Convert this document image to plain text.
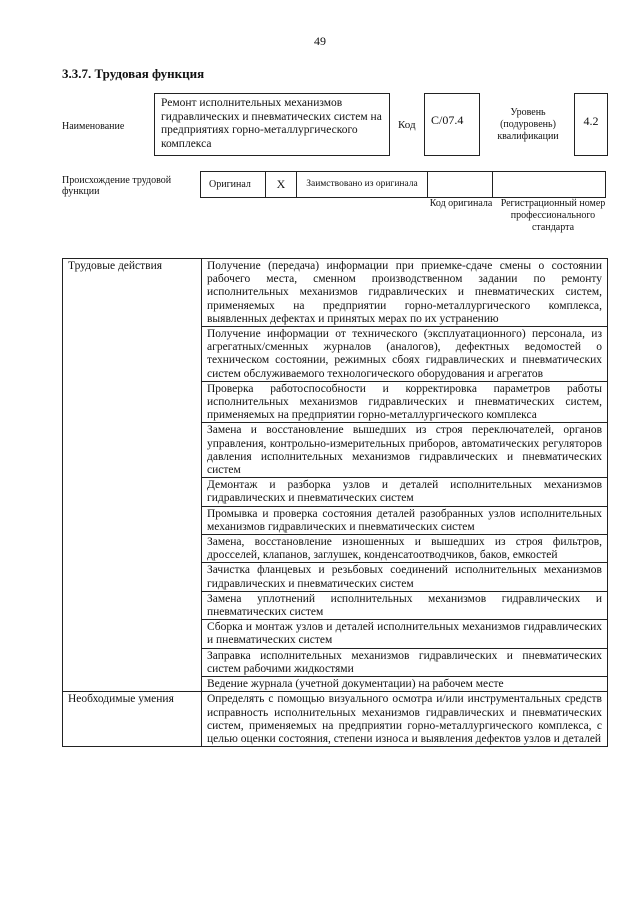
49
3.3.7. Трудовая функция
Наименование
Ремонт исполнительных механизмов гидравлических и пневматических систем на предприятиях горно-металлургического комплекса
Код	C/07.4
Уровень (подуровень) квалификации
4.2
Происхождение трудовой функции
Оригинал	X	Заимствовано из оригинала		
Код оригинала Регистрационный номер профессионального стандарта
Трудовые действия	Получение (передача) информации при приемке-сдаче смены о состоянии рабочего места, сменном производственном задании по ремонту исполнительных механизмов гидравлических и пневматических систем, применяемых на предприятии горно-металлургического комплекса, выявленных дефектах и принятых мерах по их устранению
	Получение информации от технического (эксплуатационного) персонала, из агрегатных/сменных журналов (аналогов), дефектных ведомостей о техническом состоянии, режимных сбоях гидравлических и пневматических систем обслуживаемого технологического оборудования и агрегатов
	Проверка работоспособности и корректировка параметров работы исполнительных механизмов гидравлических и пневматических систем, применяемых на предприятии горно-металлургического комплекса
	Замена и восстановление вышедших из строя переключателей, органов управления, контрольно-измерительных приборов, автоматических регуляторов давления исполнительных механизмов гидравлических и пневматических систем
	Демонтаж и разборка узлов и деталей исполнительных механизмов гидравлических и пневматических систем
	Промывка и проверка состояния деталей разобранных узлов исполнительных механизмов гидравлических и пневматических систем
	Замена, восстановление изношенных и вышедших из строя фильтров, дросселей, клапанов, заглушек, конденсатоотводчиков, баков, емкостей
	Зачистка фланцевых и резьбовых соединений исполнительных механизмов гидравлических и пневматических систем
	Замена уплотнений исполнительных механизмов гидравлических и пневматических систем
	Сборка и монтаж узлов и деталей исполнительных механизмов гидравлических и пневматических систем
	Заправка исполнительных механизмов гидравлических и пневматических систем рабочими жидкостями
	Ведение журнала (учетной документации) на рабочем месте
Необходимые умения	Определять с помощью визуального осмотра и/или инструментальных средств исправность исполнительных механизмов гидравлических и пневматических систем, применяемых на предприятии горно-металлургического комплекса, с целью оценки состояния, степени износа и выявления дефектов узлов и деталей
